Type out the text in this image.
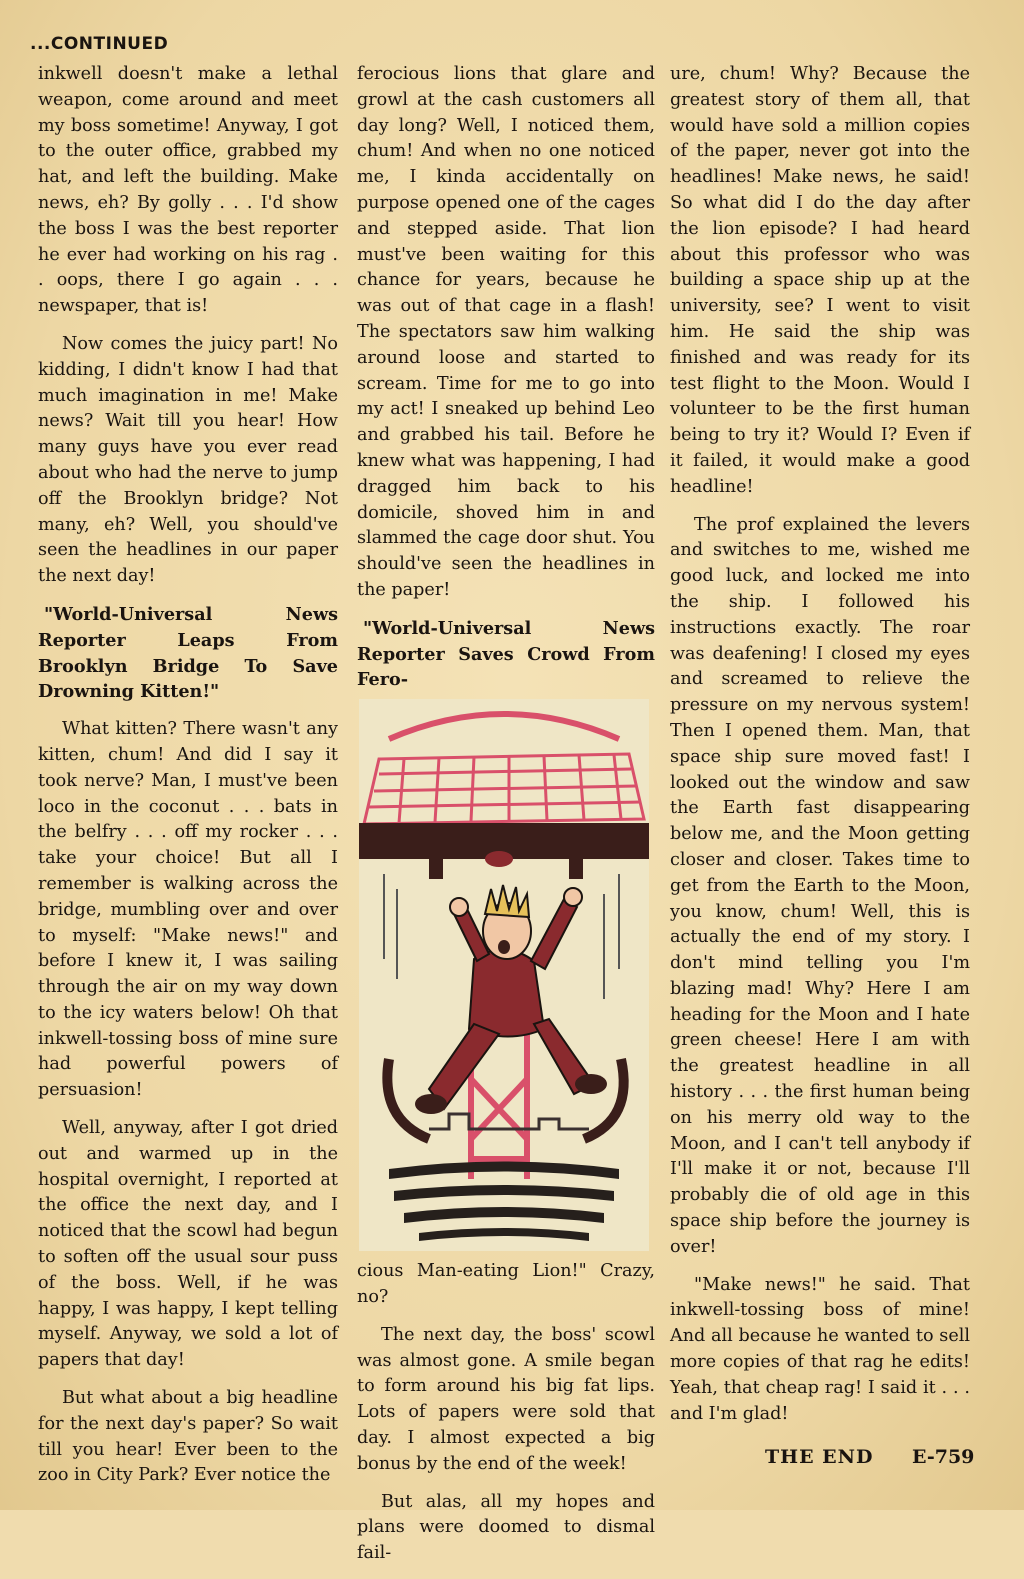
...CONTINUED

inkwell doesn't make a lethal weapon, come around and meet my boss sometime! Anyway, I got to the outer office, grabbed my hat, and left the building. Make news, eh? By golly . . . I'd show the boss I was the best reporter he ever had working on his rag . . oops, there I go again . . . newspaper, that is!

Now comes the juicy part! No kidding, I didn't know I had that much imagination in me! Make news? Wait till you hear! How many guys have you ever read about who had the nerve to jump off the Brooklyn bridge? Not many, eh? Well, you should've seen the headlines in our paper the next day!

"World-Universal News Reporter Leaps From Brooklyn Bridge To Save Drowning Kitten!"

What kitten? There wasn't any kitten, chum! And did I say it took nerve? Man, I must've been loco in the coconut . . . bats in the belfry . . . off my rocker . . . take your choice! But all I remember is walking across the bridge, mumbling over and over to myself: "Make news!" and before I knew it, I was sailing through the air on my way down to the icy waters below! Oh that inkwell-tossing boss of mine sure had powerful powers of persuasion!

Well, anyway, after I got dried out and warmed up in the hospital overnight, I reported at the office the next day, and I noticed that the scowl had begun to soften off the usual sour puss of the boss. Well, if he was happy, I was happy, I kept telling myself. Anyway, we sold a lot of papers that day!

But what about a big headline for the next day's paper? So wait till you hear! Ever been to the zoo in City Park? Ever notice the

ferocious lions that glare and growl at the cash customers all day long? Well, I noticed them, chum! And when no one noticed me, I kinda accidentally on purpose opened one of the cages and stepped aside. That lion must've been waiting for this chance for years, because he was out of that cage in a flash! The spectators saw him walking around loose and started to scream. Time for me to go into my act! I sneaked up behind Leo and grabbed his tail. Before he knew what was happening, I had dragged him back to his domicile, shoved him in and slammed the cage door shut. You should've seen the headlines in the paper!

"World-Universal News Reporter Saves Crowd From Fero-

cious Man-eating Lion!" Crazy, no?

The next day, the boss' scowl was almost gone. A smile began to form around his big fat lips. Lots of papers were sold that day. I almost expected a big bonus by the end of the week!

But alas, all my hopes and plans were doomed to dismal fail-

ure, chum! Why? Because the greatest story of them all, that would have sold a million copies of the paper, never got into the headlines! Make news, he said! So what did I do the day after the lion episode? I had heard about this professor who was building a space ship up at the university, see? I went to visit him. He said the ship was finished and was ready for its test flight to the Moon. Would I volunteer to be the first human being to try it? Would I? Even if it failed, it would make a good headline!

The prof explained the levers and switches to me, wished me good luck, and locked me into the ship. I followed his instructions exactly. The roar was deafening! I closed my eyes and screamed to relieve the pressure on my nervous system! Then I opened them. Man, that space ship sure moved fast! I looked out the window and saw the Earth fast disappearing below me, and the Moon getting closer and closer. Takes time to get from the Earth to the Moon, you know, chum! Well, this is actually the end of my story. I don't mind telling you I'm blazing mad! Why? Here I am heading for the Moon and I hate green cheese! Here I am with the greatest headline in all history . . . the first human being on his merry old way to the Moon, and I can't tell anybody if I'll make it or not, because I'll probably die of old age in this space ship before the journey is over!

"Make news!" he said. That inkwell-tossing boss of mine! And all because he wanted to sell more copies of that rag he edits! Yeah, that cheap rag! I said it . . . and I'm glad!

THE END E-759
